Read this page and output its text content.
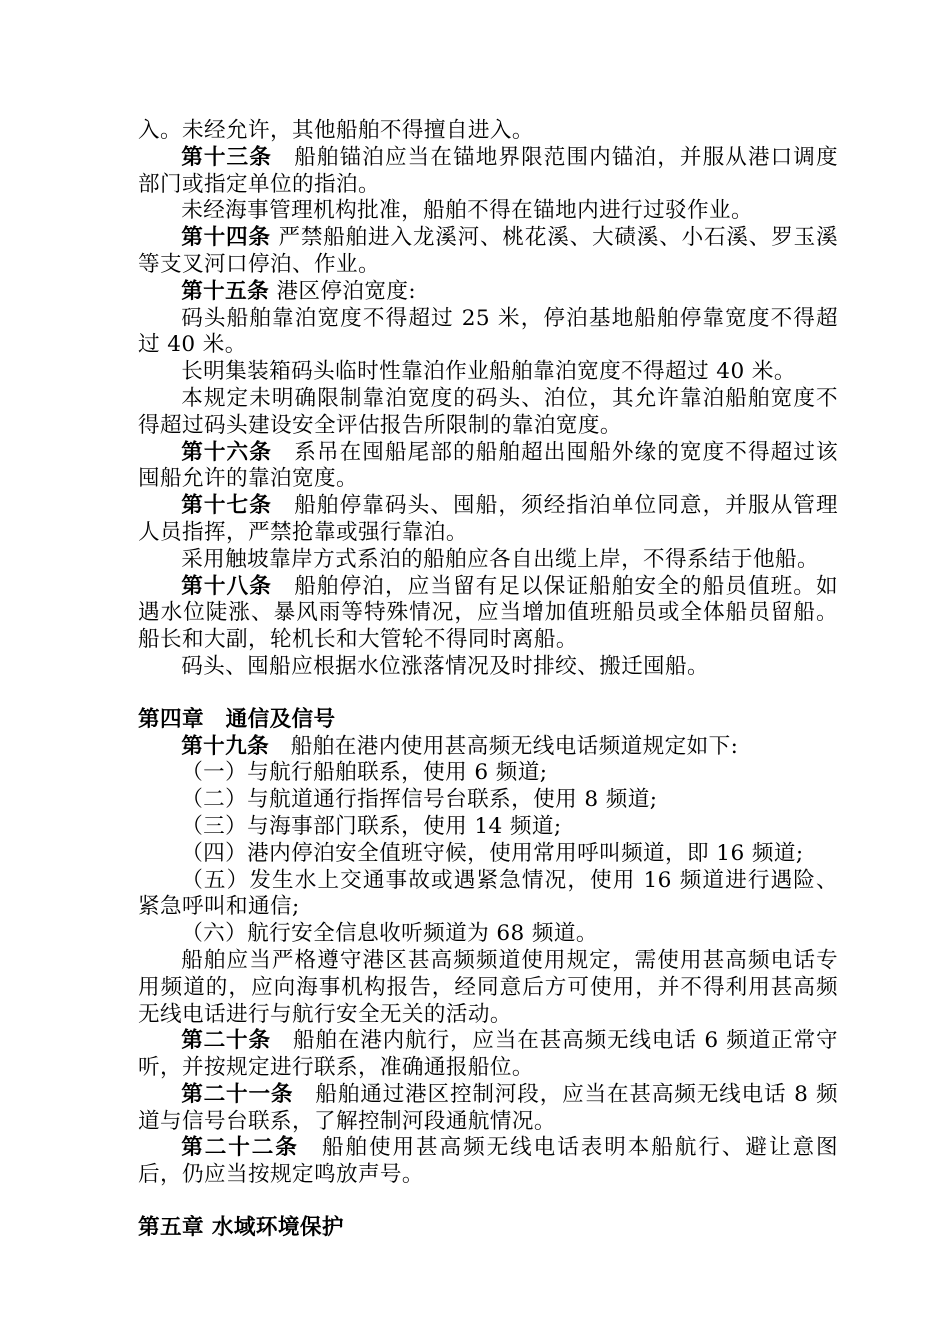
入。未经允许，其他船舶不得擅自进入。

第十三条 船舶锚泊应当在锚地界限范围内锚泊，并服从港口调度部门或指定单位的指泊。

未经海事管理机构批准，船舶不得在锚地内进行过驳作业。

第十四条 严禁船舶进入龙溪河、桃花溪、大碛溪、小石溪、罗玉溪等支叉河口停泊、作业。

第十五条 港区停泊宽度:

码头船舶靠泊宽度不得超过 25 米，停泊基地船舶停靠宽度不得超过 40 米。

长明集装箱码头临时性靠泊作业船舶靠泊宽度不得超过 40 米。

本规定未明确限制靠泊宽度的码头、泊位，其允许靠泊船舶宽度不得超过码头建设安全评估报告所限制的靠泊宽度。

第十六条 系吊在囤船尾部的船舶超出囤船外缘的宽度不得超过该囤船允许的靠泊宽度。

第十七条 船舶停靠码头、囤船，须经指泊单位同意，并服从管理人员指挥，严禁抢靠或强行靠泊。

采用触坡靠岸方式系泊的船舶应各自出缆上岸，不得系结于他船。

第十八条 船舶停泊，应当留有足以保证船舶安全的船员值班。如遇水位陡涨、暴风雨等特殊情况，应当增加值班船员或全体船员留船。船长和大副，轮机长和大管轮不得同时离船。

码头、囤船应根据水位涨落情况及时排绞、搬迁囤船。

第四章 通信及信号

第十九条 船舶在港内使用甚高频无线电话频道规定如下:

（一）与航行船舶联系，使用 6 频道;

（二）与航道通行指挥信号台联系，使用 8 频道;

（三）与海事部门联系，使用 14 频道;

（四）港内停泊安全值班守候，使用常用呼叫频道，即 16 频道;

（五）发生水上交通事故或遇紧急情况，使用 16 频道进行遇险、紧急呼叫和通信;

（六）航行安全信息收听频道为 68 频道。

船舶应当严格遵守港区甚高频频道使用规定，需使用甚高频电话专用频道的，应向海事机构报告，经同意后方可使用，并不得利用甚高频无线电话进行与航行安全无关的活动。

第二十条 船舶在港内航行，应当在甚高频无线电话 6 频道正常守听，并按规定进行联系，准确通报船位。

第二十一条 船舶通过港区控制河段，应当在甚高频无线电话 8 频道与信号台联系，了解控制河段通航情况。

第二十二条 船舶使用甚高频无线电话表明本船航行、避让意图后，仍应当按规定鸣放声号。

第五章 水域环境保护
